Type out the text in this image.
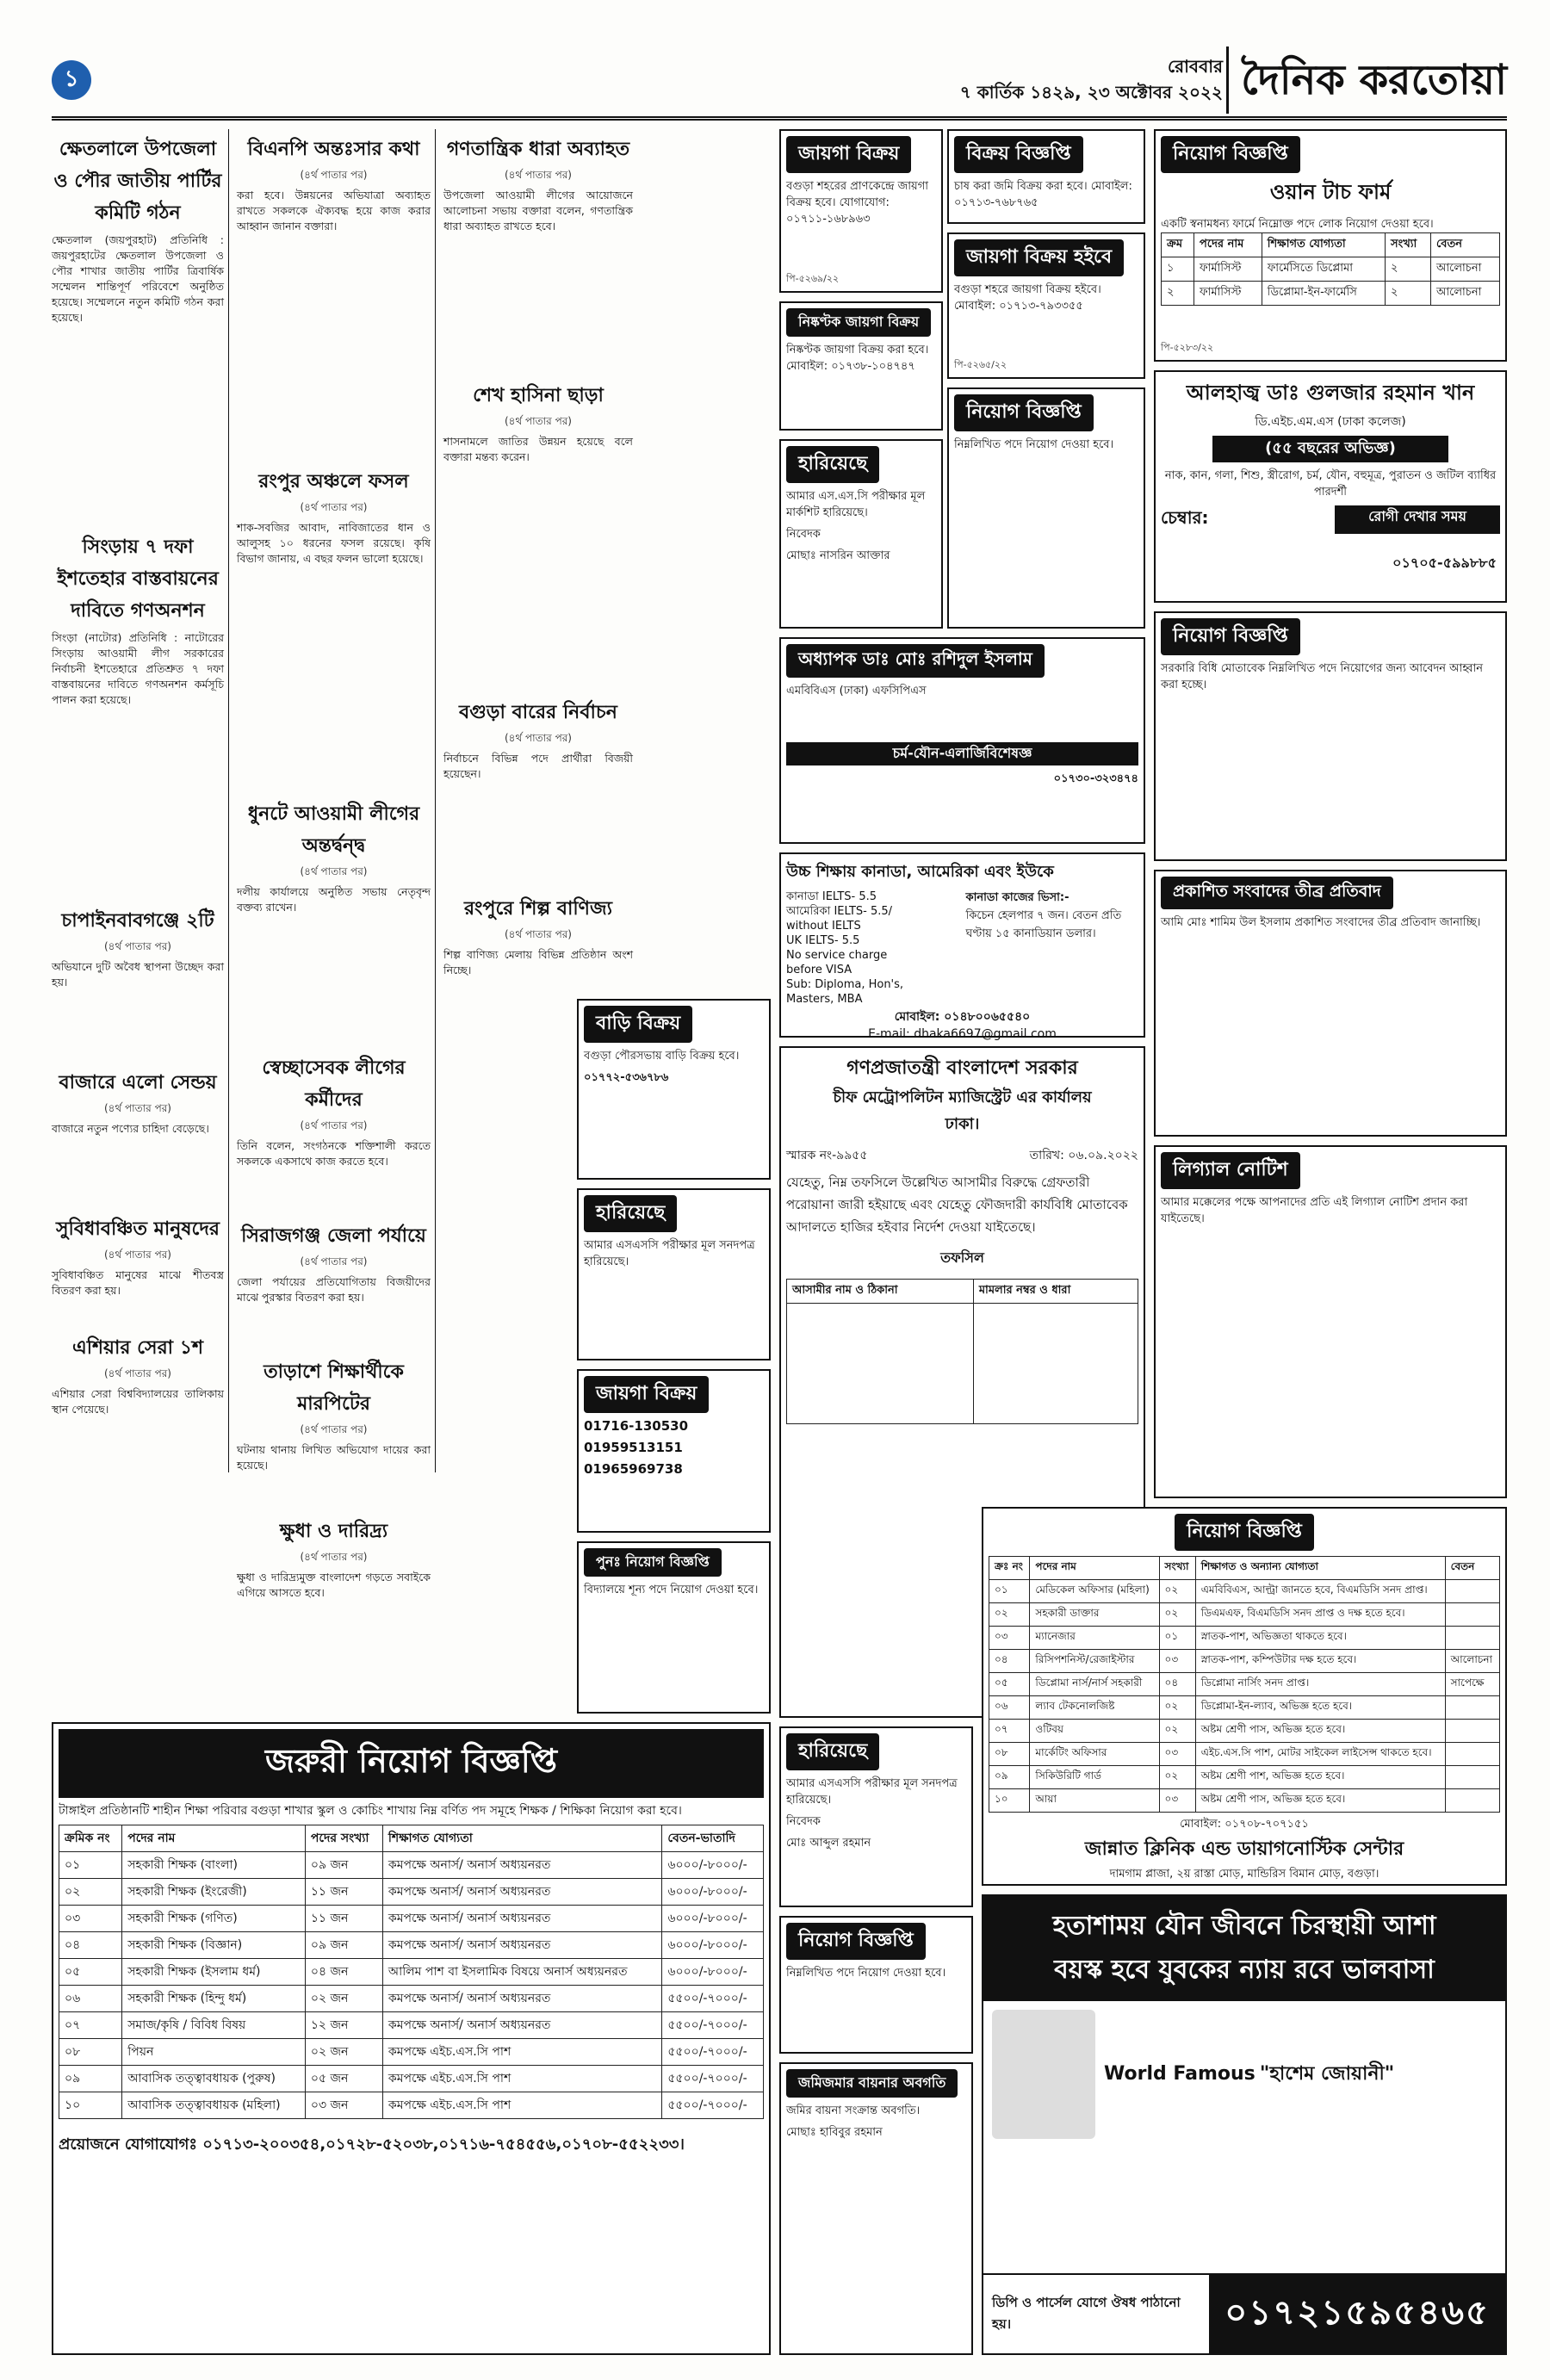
১	রোববার
৭ কার্তিক ১৪২৯, ২৩ অক্টোবর ২০২২ দৈনিক করতোয়া
ক্ষেতলালে উপজেলা ও পৌর জাতীয় পার্টির কমিটি গঠন

ক্ষেতলাল (জয়পুরহাট) প্রতিনিধি : জয়পুরহাটের ক্ষেতলাল উপজেলা ও পৌর শাখার জাতীয় পার্টির ত্রিবার্ষিক সম্মেলন শান্তিপূর্ণ পরিবেশে অনুষ্ঠিত হয়েছে। সম্মেলনে নতুন কমিটি গঠন করা হয়েছে।

সিংড়ায় ৭ দফা ইশতেহার বাস্তবায়নের দাবিতে গণঅনশন

সিংড়া (নাটোর) প্রতিনিধি : নাটোরের সিংড়ায় আওয়ামী লীগ সরকারের নির্বাচনী ইশতেহারে প্রতিশ্রুত ৭ দফা বাস্তবায়নের দাবিতে গণঅনশন কর্মসূচি পালন করা হয়েছে।

চাপাইনবাবগঞ্জে ২টি
(৪র্থ পাতার পর)

অভিযানে দুটি অবৈধ স্থাপনা উচ্ছেদ করা হয়।

বাজারে এলো সেন্ডয়
(৪র্থ পাতার পর)

বাজারে নতুন পণ্যের চাহিদা বেড়েছে।

সুবিধাবঞ্চিত মানুষদের
(৪র্থ পাতার পর)

সুবিধাবঞ্চিত মানুষের মাঝে শীতবস্ত্র বিতরণ করা হয়।

এশিয়ার সেরা ১শ
(৪র্থ পাতার পর)

এশিয়ার সেরা বিশ্ববিদ্যালয়ের তালিকায় স্থান পেয়েছে।

বিএনপি অন্তঃসার কথা
(৪র্থ পাতার পর)

করা হবে। উন্নয়নের অভিযাত্রা অব্যাহত রাখতে সকলকে ঐক্যবদ্ধ হয়ে কাজ করার আহ্বান জানান বক্তারা।

রংপুর অঞ্চলে ফসল
(৪র্থ পাতার পর)

শাক-সবজির আবাদ, নাবিজাতের ধান ও আলুসহ ১০ ধরনের ফসল রয়েছে। কৃষি বিভাগ জানায়, এ বছর ফলন ভালো হয়েছে।

ধুনটে আওয়ামী লীগের অন্তর্দ্বন্দ্ব
(৪র্থ পাতার পর)

দলীয় কার্যালয়ে অনুষ্ঠিত সভায় নেতৃবৃন্দ বক্তব্য রাখেন।

স্বেচ্ছাসেবক লীগের কর্মীদের
(৪র্থ পাতার পর)

তিনি বলেন, সংগঠনকে শক্তিশালী করতে সকলকে একসাথে কাজ করতে হবে।

সিরাজগঞ্জ জেলা পর্যায়ে
(৪র্থ পাতার পর)

জেলা পর্যায়ের প্রতিযোগিতায় বিজয়ীদের মাঝে পুরস্কার বিতরণ করা হয়।

তাড়াশে শিক্ষার্থীকে মারপিটের
(৪র্থ পাতার পর)

ঘটনায় থানায় লিখিত অভিযোগ দায়ের করা হয়েছে।

ক্ষুধা ও দারিদ্র্য
(৪র্থ পাতার পর)

ক্ষুধা ও দারিদ্র্যমুক্ত বাংলাদেশ গড়তে সবাইকে এগিয়ে আসতে হবে।

গণতান্ত্রিক ধারা অব্যাহত
(৪র্থ পাতার পর)

উপজেলা আওয়ামী লীগের আয়োজনে আলোচনা সভায় বক্তারা বলেন, গণতান্ত্রিক ধারা অব্যাহত রাখতে হবে।

শেখ হাসিনা ছাড়া
(৪র্থ পাতার পর)

শাসনামলে জাতির উন্নয়ন হয়েছে বলে বক্তারা মন্তব্য করেন।

বগুড়া বারের নির্বাচন
(৪র্থ পাতার পর)

নির্বাচনে বিভিন্ন পদে প্রার্থীরা বিজয়ী হয়েছেন।

রংপুরে শিল্প বাণিজ্য
(৪র্থ পাতার পর)

শিল্প বাণিজ্য মেলায় বিভিন্ন প্রতিষ্ঠান অংশ নিচ্ছে।

জায়গা বিক্রয়

বগুড়া শহরের প্রাণকেন্দ্রে জায়গা বিক্রয় হবে। যোগাযোগ: ০১৭১১-১৬৮৯৬৩

পি-৫২৬৯/২২
বিক্রয় বিজ্ঞপ্তি

চাষ করা জমি বিক্রয় করা হবে। মোবাইল: ০১৭১৩-৭৬৮৭৬৫

জায়গা বিক্রয় হইবে

বগুড়া শহরে জায়গা বিক্রয় হইবে। মোবাইল: ০১৭১৩-৭৯৩৩৫৫

পি-৫২৬৫/২২
নিয়োগ বিজ্ঞপ্তি
ওয়ান টাচ ফার্ম

একটি স্বনামধন্য ফার্মে নিম্নোক্ত পদে লোক নিয়োগ দেওয়া হবে।

ক্রম	পদের নাম	শিক্ষাগত যোগ্যতা	সংখ্যা	বেতন
১	ফার্মাসিস্ট	ফার্মেসিতে ডিপ্লোমা	২	আলোচনা
২	ফার্মাসিস্ট	ডিপ্লোমা-ইন-ফার্মেসি	২	আলোচনা
পি-৫২৮৩/২২
নিষ্কণ্টক জায়গা বিক্রয়

নিষ্কণ্টক জায়গা বিক্রয় করা হবে। মোবাইল: ০১৭৩৮-১০৪৭৪৭

হারিয়েছে

আমার এস.এস.সি পরীক্ষার মূল মার্কশিট হারিয়েছে।

নিবেদক

মোছাঃ নাসরিন আক্তার

নিয়োগ বিজ্ঞপ্তি

নিম্নলিখিত পদে নিয়োগ দেওয়া হবে।

আলহাজ্ব ডাঃ গুলজার রহমান খান
ডি.এইচ.এম.এস (ঢাকা কলেজ)
(৫৫ বছরের অভিজ্ঞ)

নাক, কান, গলা, শিশু, স্ত্রীরোগ, চর্ম, যৌন, বহুমূত্র, পুরাতন ও জটিল ব্যাধির পারদর্শী

চেম্বার:	রোগী দেখার সময়
০১৭০৫-৫৯৯৮৮৫
অধ্যাপক ডাঃ মোঃ রশিদুল ইসলাম

এমবিবিএস (ঢাকা) এফসিপিএস

চর্ম-যৌন-এলার্জিবিশেষজ্ঞ

০১৭৩০-৩২৩৪৭৪

নিয়োগ বিজ্ঞপ্তি

সরকারি বিধি মোতাবেক নিম্নলিখিত পদে নিয়োগের জন্য আবেদন আহ্বান করা হচ্ছে।

উচ্চ শিক্ষায় কানাডা, আমেরিকা এবং ইউকে
কানাডা IELTS- 5.5
আমেরিকা IELTS- 5.5/
without IELTS
UK IELTS- 5.5
No service charge
before VISA
Sub: Diploma, Hon's,
Masters, MBA
কানাডা কাজের ভিসা:-
কিচেন হেলপার ৭ জন। বেতন প্রতি ঘণ্টায় ১৫ কানাডিয়ান ডলার।
মোবাইল: ০১৪৮০০৬৫৫৪০
E-mail: dhaka6697@gmail.com
প্রকাশিত সংবাদের তীব্র প্রতিবাদ

আমি মোঃ শামিম উল ইসলাম প্রকাশিত সংবাদের তীব্র প্রতিবাদ জানাচ্ছি।

বাড়ি বিক্রয়

বগুড়া পৌরসভায় বাড়ি বিক্রয় হবে।

০১৭৭২-৫৩৬৭৮৬	গণপ্রজাতন্ত্রী বাংলাদেশ সরকার
চীফ মেট্রোপলিটন ম্যাজিস্ট্রেট এর কার্যালয়
ঢাকা।
স্মারক নং-৯৯৫৫	তারিখ: ০৬.০৯.২০২২

যেহেতু, নিম্ন তফসিলে উল্লেখিত আসামীর বিরুদ্ধে গ্রেফতারী পরোয়ানা জারী হইয়াছে এবং যেহেতু ফৌজদারী কার্যবিধি মোতাবেক আদালতে হাজির হইবার নির্দেশ দেওয়া যাইতেছে।

তফসিল
আসামীর নাম ও ঠিকানা	মামলার নম্বর ও ধারা

লিগ্যাল নোটিশ

আমার মক্কেলের পক্ষে আপনাদের প্রতি এই লিগ্যাল নোটিশ প্রদান করা যাইতেছে।

হারিয়েছে

আমার এসএসসি পরীক্ষার মূল সনদপত্র হারিয়েছে।

জায়গা বিক্রয়

01716-130530

01959513151

01965969738

পুনঃ নিয়োগ বিজ্ঞপ্তি

বিদ্যালয়ে শূন্য পদে নিয়োগ দেওয়া হবে।

হারিয়েছে

আমার এসএসসি পরীক্ষার মূল সনদপত্র হারিয়েছে।

নিবেদক

মোঃ আব্দুল রহমান

নিয়োগ বিজ্ঞপ্তি

নিম্নলিখিত পদে নিয়োগ দেওয়া হবে।

জমিজমার বায়নার অবগতি

জমির বায়না সংক্রান্ত অবগতি।

মোছাঃ হাবিবুর রহমান

নিয়োগ বিজ্ঞপ্তি
ক্রঃ নং	পদের নাম	সংখ্যা	শিক্ষাগত ও অন্যান্য যোগ্যতা	বেতন
০১	মেডিকেল অফিসার (মহিলা)	০২	এমবিবিএস, আল্ট্রা জানতে হবে, বিএমডিসি সনদ প্রাপ্ত।	
০২	সহকারী ডাক্তার	০২	ডিএমএফ, বিএমডিসি সনদ প্রাপ্ত ও দক্ষ হতে হবে।	
০৩	ম্যানেজার	০১	স্নাতক-পাশ, অভিজ্ঞতা থাকতে হবে।	
০৪	রিসিপশনিস্ট/রেজাইস্টার	০৩	স্নাতক-পাশ, কম্পিউটার দক্ষ হতে হবে।	আলোচনা
০৫	ডিপ্লোমা নার্স/নার্স সহকারী	০৪	ডিপ্লোমা নার্সিং সনদ প্রাপ্ত।	সাপেক্ষে
০৬	ল্যাব টেকনোলজিষ্ট	০২	ডিপ্লোমা-ইন-ল্যাব, অভিজ্ঞ হতে হবে।	
০৭	ওটিবয়	০২	অষ্টম শ্রেণী পাস, অভিজ্ঞ হতে হবে।	
০৮	মার্কেটিং অফিসার	০৩	এইচ.এস.সি পাশ, মোটর সাইকেল লাইসেন্স থাকতে হবে।	
০৯	সিকিউরিটি গার্ড	০২	অষ্টম শ্রেণী পাশ, অভিজ্ঞ হতে হবে।	
১০	আয়া	০৩	অষ্টম শ্রেণী পাস, অভিজ্ঞ হতে হবে।	
মোবাইল: ০১৭০৮-৭০৭১৫১
জান্নাত ক্লিনিক এন্ড ডায়াগনোস্টিক সেন্টার
দামগাম প্লাজা, ২য় রাস্তা মোড়, মান্ডিরিস বিমান মোড়, বগুড়া।
হতাশাময় যৌন জীবনে চিরস্থায়ী আশা
বয়স্ক হবে যুবকের ন্যায় রবে ভালবাসা
World Famous "হাশেম জোয়ানী"
ডিপি ও পার্সেল যোগে ঔষধ পাঠানো হয়।	০১৭২১৫৯৫৪৬৫
জরুরী নিয়োগ বিজ্ঞপ্তি

টাঙ্গাইল প্রতিষ্ঠানটি শাহীন শিক্ষা পরিবার বগুড়া শাখার স্কুল ও কোচিং শাখায় নিম্ন বর্ণিত পদ সমূহে শিক্ষক / শিক্ষিকা নিয়োগ করা হবে।

ক্রমিক নং	পদের নাম	পদের সংখ্যা	শিক্ষাগত যোগ্যতা	বেতন-ভাতাদি
০১	সহকারী শিক্ষক (বাংলা)	০৯ জন	কমপক্ষে অনার্স/ অনার্স অধ্যয়নরত	৬০০০/-৮০০০/-
০২	সহকারী শিক্ষক (ইংরেজী)	১১ জন	কমপক্ষে অনার্স/ অনার্স অধ্যয়নরত	৬০০০/-৮০০০/-
০৩	সহকারী শিক্ষক (গণিত)	১১ জন	কমপক্ষে অনার্স/ অনার্স অধ্যয়নরত	৬০০০/-৮০০০/-
০৪	সহকারী শিক্ষক (বিজ্ঞান)	০৯ জন	কমপক্ষে অনার্স/ অনার্স অধ্যয়নরত	৬০০০/-৮০০০/-
০৫	সহকারী শিক্ষক (ইসলাম ধর্ম)	০৪ জন	আলিম পাশ বা ইসলামিক বিষয়ে অনার্স অধ্যয়নরত	৬০০০/-৮০০০/-
০৬	সহকারী শিক্ষক (হিন্দু ধর্ম)	০২ জন	কমপক্ষে অনার্স/ অনার্স অধ্যয়নরত	৫৫০০/-৭০০০/-
০৭	সমাজ/কৃষি / বিবিধ বিষয়	১২ জন	কমপক্ষে অনার্স/ অনার্স অধ্যয়নরত	৫৫০০/-৭০০০/-
০৮	পিয়ন	০২ জন	কমপক্ষে এইচ.এস.সি পাশ	৫৫০০/-৭০০০/-
০৯	আবাসিক তত্ত্বাবধায়ক (পুরুষ)	০৫ জন	কমপক্ষে এইচ.এস.সি পাশ	৫৫০০/-৭০০০/-
১০	আবাসিক তত্ত্বাবধায়ক (মহিলা)	০৩ জন	কমপক্ষে এইচ.এস.সি পাশ	৫৫০০/-৭০০০/-

প্রয়োজনে যোগাযোগঃ ০১৭১৩-২০০৩৫৪,০১৭২৮-৫২০৩৮,০১৭১৬-৭৫৪৫৫৬,০১৭০৮-৫৫২২৩৩।
